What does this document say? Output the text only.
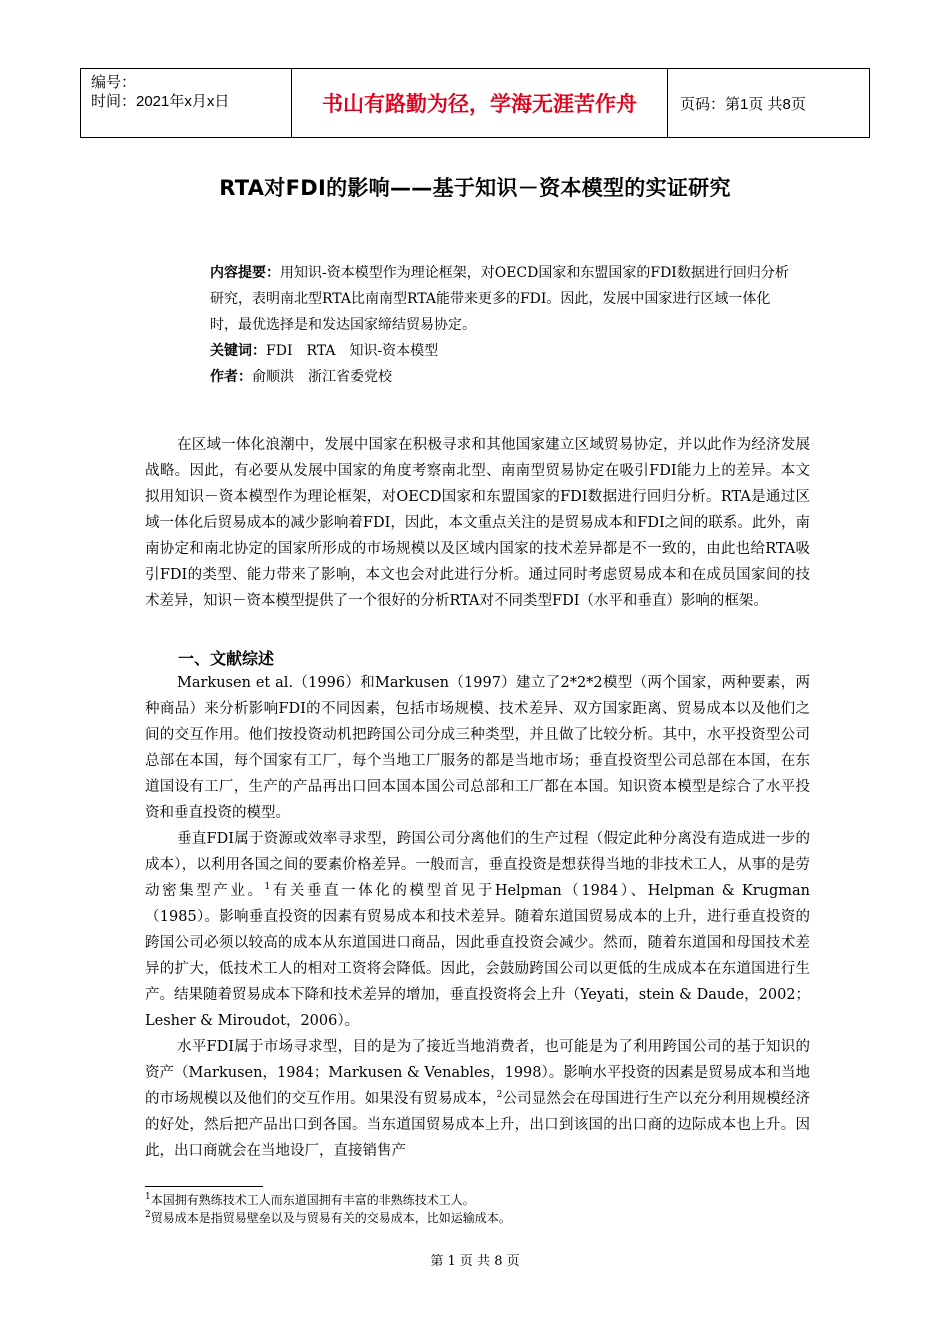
编号：
时间：2021年x月x日	书山有路勤为径，学海无涯苦作舟	页码：第1页 共8页
RTA对FDI的影响——基于知识－资本模型的实证研究
内容提要：用知识-资本模型作为理论框架，对OECD国家和东盟国家的FDI数据进行回归分析研究，表明南北型RTA比南南型RTA能带来更多的FDI。因此，发展中国家进行区域一体化时，最优选择是和发达国家缔结贸易协定。
关键词：FDI　RTA　知识-资本模型
作者：俞顺洪　浙江省委党校

在区域一体化浪潮中，发展中国家在积极寻求和其他国家建立区域贸易协定，并以此作为经济发展战略。因此，有必要从发展中国家的角度考察南北型、南南型贸易协定在吸引FDI能力上的差异。本文拟用知识－资本模型作为理论框架，对OECD国家和东盟国家的FDI数据进行回归分析。RTA是通过区域一体化后贸易成本的减少影响着FDI，因此，本文重点关注的是贸易成本和FDI之间的联系。此外，南南协定和南北协定的国家所形成的市场规模以及区域内国家的技术差异都是不一致的，由此也给RTA吸引FDI的类型、能力带来了影响，本文也会对此进行分析。通过同时考虑贸易成本和在成员国家间的技术差异，知识－资本模型提供了一个很好的分析RTA对不同类型FDI（水平和垂直）影响的框架。

一、文献综述

Markusen et al.（1996）和Markusen（1997）建立了2*2*2模型（两个国家，两种要素，两种商品）来分析影响FDI的不同因素，包括市场规模、技术差异、双方国家距离、贸易成本以及他们之间的交互作用。他们按投资动机把跨国公司分成三种类型，并且做了比较分析。其中，水平投资型公司总部在本国，每个国家有工厂，每个当地工厂服务的都是当地市场；垂直投资型公司总部在本国，在东道国设有工厂，生产的产品再出口回本国本国公司总部和工厂都在本国。知识资本模型是综合了水平投资和垂直投资的模型。

垂直FDI属于资源或效率寻求型，跨国公司分离他们的生产过程（假定此种分离没有造成进一步的成本），以利用各国之间的要素价格差异。一般而言，垂直投资是想获得当地的非技术工人，从事的是劳动密集型产业。$^1$有关垂直一体化的模型首见于Helpman（1984）、Helpman & Krugman （1985）。影响垂直投资的因素有贸易成本和技术差异。随着东道国贸易成本的上升，进行垂直投资的跨国公司必须以较高的成本从东道国进口商品，因此垂直投资会减少。然而，随着东道国和母国技术差异的扩大，低技术工人的相对工资将会降低。因此，会鼓励跨国公司以更低的生成成本在东道国进行生产。结果随着贸易成本下降和技术差异的增加，垂直投资将会上升（Yeyati，stein & Daude，2002；Lesher & Miroudot，2006）。

水平FDI属于市场寻求型，目的是为了接近当地消费者，也可能是为了利用跨国公司的基于知识的资产（Markusen，1984；Markusen & Venables，1998）。影响水平投资的因素是贸易成本和当地的市场规模以及他们的交互作用。如果没有贸易成本，$^2$公司显然会在母国进行生产以充分利用规模经济的好处，然后把产品出口到各国。当东道国贸易成本上升，出口到该国的出口商的边际成本也上升。因此，出口商就会在当地设厂，直接销售产

$^1$本国拥有熟练技术工人而东道国拥有丰富的非熟练技术工人。
$^2$贸易成本是指贸易壁垒以及与贸易有关的交易成本，比如运输成本。
第 1 页 共 8 页
